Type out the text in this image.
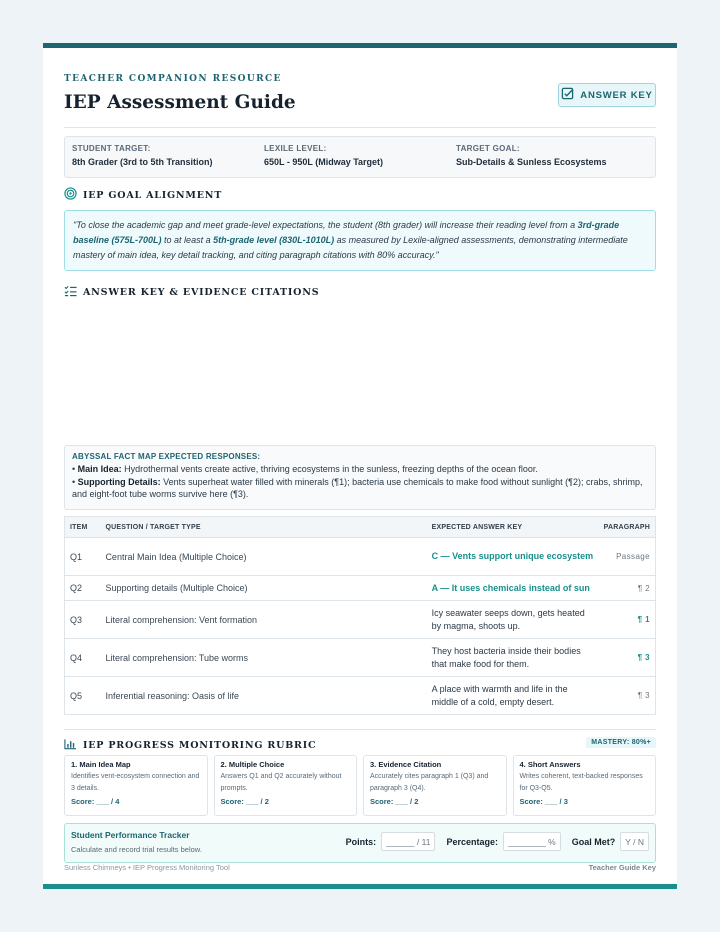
TEACHER COMPANION RESOURCE
IEP Assessment Guide	ANSWER KEY
STUDENT TARGET:
8th Grader (3rd to 5th Transition)
LEXILE LEVEL:
650L - 950L (Midway Target)
TARGET GOAL:
Sub-Details & Sunless Ecosystems
IEP GOAL ALIGNMENT
"To close the academic gap and meet grade-level expectations, the student (8th grader) will increase their reading level from a 3rd-grade baseline (575L-700L) to at least a 5th-grade level (830L-1010L) as measured by Lexile-aligned assessments, demonstrating intermediate mastery of main idea, key detail tracking, and citing paragraph citations with 80% accuracy."
ANSWER KEY & EVIDENCE CITATIONS
ABYSSAL FACT MAP EXPECTED RESPONSES:

• Main Idea: Hydrothermal vents create active, thriving ecosystems in the sunless, freezing depths of the ocean floor.

• Supporting Details: Vents superheat water filled with minerals (¶1); bacteria use chemicals to make food without sunlight (¶2); crabs, shrimp, and eight-foot tube worms survive here (¶3).

ITEM	QUESTION / TARGET TYPE	EXPECTED ANSWER KEY	PARAGRAPH
Q1	Central Main Idea (Multiple Choice)	C — Vents support unique ecosystem	Passage
Q2	Supporting details (Multiple Choice)	A — It uses chemicals instead of sun	¶ 2
Q3	Literal comprehension: Vent formation	Icy seawater seeps down, gets heated by magma, shoots up.	¶ 1
Q4	Literal comprehension: Tube worms	They host bacteria inside their bodies that make food for them.	¶ 3
Q5	Inferential reasoning: Oasis of life	A place with warmth and life in the middle of a cold, empty desert.	¶ 3
IEP PROGRESS MONITORING RUBRIC	MASTERY: 80%+
1. Main Idea Map
Identifies vent-ecosystem connection and 3 details.
Score: ___ / 4
2. Multiple Choice
Answers Q1 and Q2 accurately without prompts.
Score: ___ / 2
3. Evidence Citation
Accurately cites paragraph 1 (Q3) and paragraph 3 (Q4).
Score: ___ / 2
4. Short Answers
Writes coherent, text-backed responses for Q3-Q5.
Score: ___ / 3
Student Performance Tracker
Calculate and record trial results below.
Points:	______ / 11	Percentage:	________ %	Goal Met?	Y / N
Sunless Chimneys • IEP Progress Monitoring Tool	Teacher Guide Key
